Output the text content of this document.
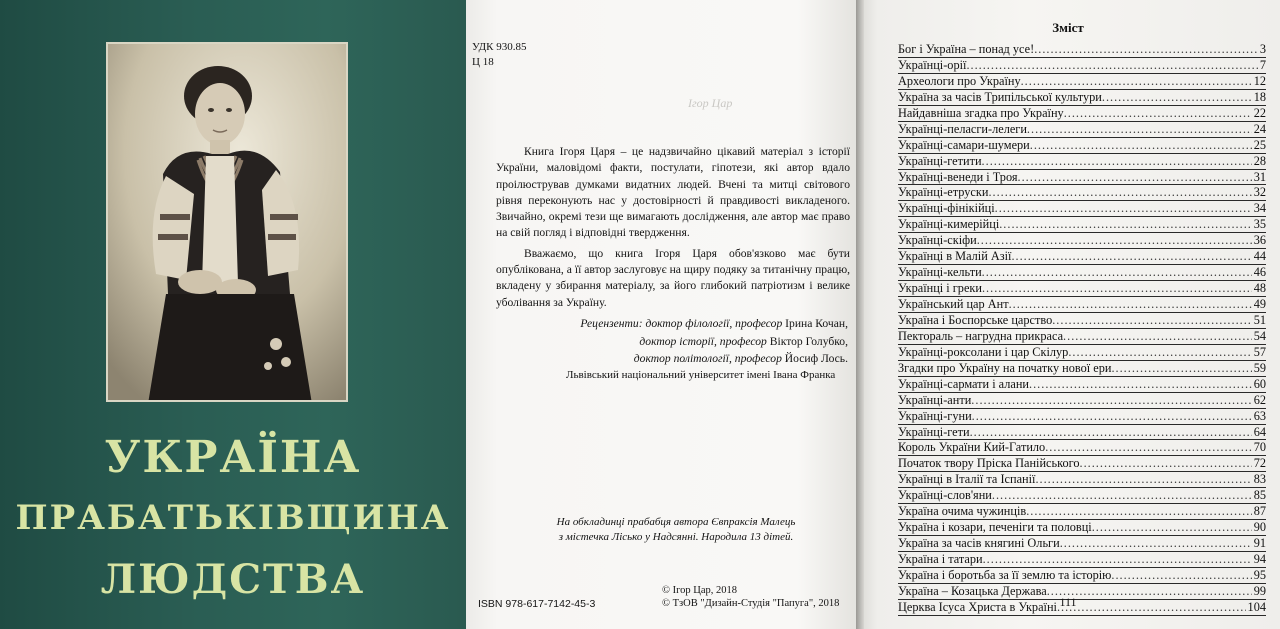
УКРАЇНА
ПРАБАТЬКІВЩИНА
ЛЮДСТВА
УДК 930.85
Ц 18
Ігор Цар

Книга Ігоря Царя – це надзвичайно цікавий матеріал з історії України, маловідомі факти, постулати, гіпотези, які автор вдало проілюстрував думками видатних людей. Вчені та митці світового рівня переконують нас у достовірності й правдивості викладеного. Звичайно, окремі тези ще вимагають дослідження, але автор має право на свій погляд і відповідні твердження.

Вважаємо, що книга Ігоря Царя обов'язково має бути опублікована, а її автор заслуговує на щиру подяку за титанічну працю, вкладену у збирання матеріалу, за його глибокий патріотизм і велике уболівання за Україну.

Рецензенти: доктор філології, професор Ірина Кочан,
доктор історії, професор Віктор Голубко,
доктор політології, професор Йосиф Лось.
Львівський національний університет імені Івана Франка
На обкладинці прабабця автора Євпраксія Малець
з містечка Лісько у Надсянні. Народила 13 дітей.
© Ігор Цар, 2018
© ТзОВ "Дизайн-Студія "Папуга", 2018
ISBN 978-617-7142-45-3
Зміст
Бог і Україна – понад усе! .....	3
Українці-орії .....	7
Археологи про Україну .....	12
Україна за часів Трипільської культури .....	18
Найдавніша згадка про Україну .....	22
Українці-пеласги-лелеги .....	24
Українці-самари-шумери .....	25
Українці-гетити .....	28
Українці-венеди і Троя .....	31
Українці-етруски .....	32
Українці-фінікійці .....	34
Українці-кимерійці .....	35
Українці-скіфи .....	36
Українці в Малій Азії .....	44
Українці-кельти .....	46
Українці і греки .....	48
Український цар Ант .....	49
Україна і Боспорське царство .....	51
Пектораль – нагрудна прикраса .....	54
Українці-роксолани і цар Скілур .....	57
Згадки про Україну на початку нової ери .....	59
Українці-сармати і алани .....	60
Українці-анти .....	62
Українці-гуни .....	63
Українці-гети .....	64
Король України Кий-Гатило .....	70
Початок твору Пріска Панійського .....	72
Українці в Італії та Іспанії .....	83
Українці-слов'яни .....	85
Україна очима чужинців .....	87
Україна і козари, печеніги та половці .....	90
Україна за часів княгині Ольги .....	91
Україна і татари .....	94
Україна і боротьба за її землю та історію .....	95
Україна – Козацька Держава .....	99
Церква Ісуса Христа в Україні .....	104
111
